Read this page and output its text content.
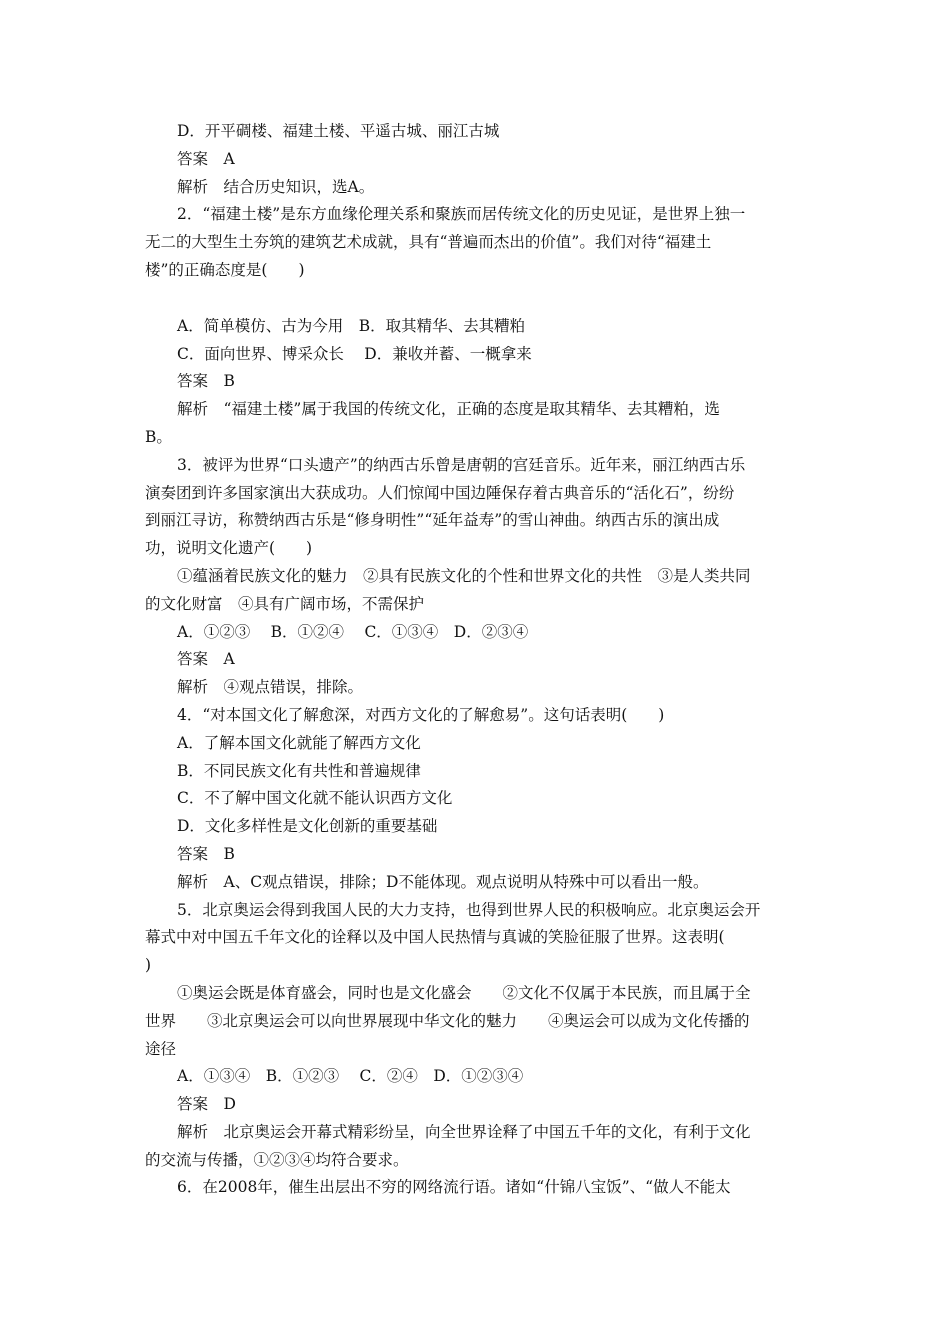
D．开平碉楼、福建土楼、平遥古城、丽江古城
答案　A
解析　结合历史知识，选A。
2．“福建土楼”是东方血缘伦理关系和聚族而居传统文化的历史见证，是世界上独一
无二的大型生土夯筑的建筑艺术成就，具有“普遍而杰出的价值”。我们对待“福建土
楼”的正确态度是(　　)
A．简单模仿、古为今用　B．取其精华、去其糟粕
C．面向世界、博采众长　 D．兼收并蓄、一概拿来
答案　B
解析　“福建土楼”属于我国的传统文化，正确的态度是取其精华、去其糟粕，选
B。
3．被评为世界“口头遗产”的纳西古乐曾是唐朝的宫廷音乐。近年来，丽江纳西古乐
演奏团到许多国家演出大获成功。人们惊闻中国边陲保存着古典音乐的“活化石”，纷纷
到丽江寻访，称赞纳西古乐是“修身明性”“延年益寿”的雪山神曲。纳西古乐的演出成
功，说明文化遗产(　　)
①蕴涵着民族文化的魅力　②具有民族文化的个性和世界文化的共性　③是人类共同
的文化财富　④具有广阔市场，不需保护
A．①②③　 B．①②④　 C．①③④　D．②③④
答案　A
解析　④观点错误，排除。
4．“对本国文化了解愈深，对西方文化的了解愈易”。这句话表明(　　)
A．了解本国文化就能了解西方文化
B．不同民族文化有共性和普遍规律
C．不了解中国文化就不能认识西方文化
D．文化多样性是文化创新的重要基础
答案　B
解析　A、C观点错误，排除；D不能体现。观点说明从特殊中可以看出一般。
5．北京奥运会得到我国人民的大力支持，也得到世界人民的积极响应。北京奥运会开
幕式中对中国五千年文化的诠释以及中国人民热情与真诚的笑脸征服了世界。这表明(
)
①奥运会既是体育盛会，同时也是文化盛会　　②文化不仅属于本民族，而且属于全
世界　　③北京奥运会可以向世界展现中华文化的魅力　　④奥运会可以成为文化传播的
途径
A．①③④　B．①②③　 C．②④　D．①②③④
答案　D
解析　北京奥运会开幕式精彩纷呈，向全世界诠释了中国五千年的文化，有利于文化
的交流与传播，①②③④均符合要求。
6．在2008年，催生出层出不穷的网络流行语。诸如“什锦八宝饭”、“做人不能太
